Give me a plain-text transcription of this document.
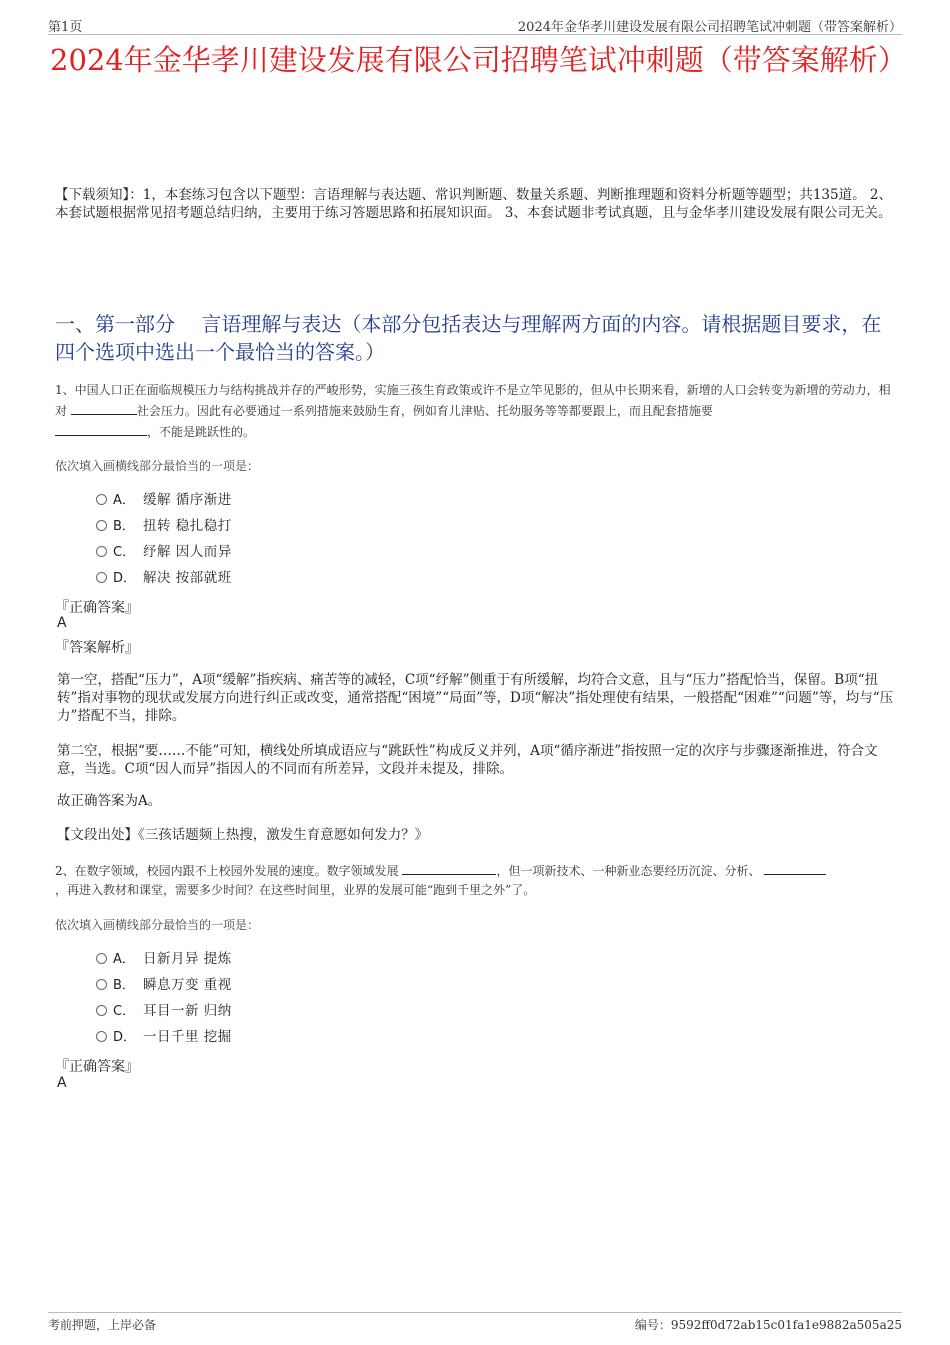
第1页	2024年金华孝川建设发展有限公司招聘笔试冲刺题（带答案解析）
2024年金华孝川建设发展有限公司招聘笔试冲刺题（带答案解析）
【下载须知】：1，本套练习包含以下题型：言语理解与表达题、常识判断题、数量关系题、判断推理题和资料分析题等题型；共135道。 2、本套试题根据常见招考题总结归纳，主要用于练习答题思路和拓展知识面。 3、本套试题非考试真题，且与金华孝川建设发展有限公司无关。
一、第一部分　 言语理解与表达（本部分包括表达与理解两方面的内容。请根据题目要求，在四个选项中选出一个最恰当的答案。）
1、中国人口正在面临规模压力与结构挑战并存的严峻形势，实施三孩生育政策或许不是立竿见影的，但从中长期来看，新增的人口会转变为新增的劳动力，相对	社会压力。因此有必要通过一系列措施来鼓励生育，例如育儿津贴、托幼服务等等都要跟上，而且配套措施要
，不能是跳跃性的。
依次填入画横线部分最恰当的一项是：
A． 缓解 循序渐进
B． 扭转 稳扎稳打
C． 纾解 因人而异
D． 解决 按部就班
『正确答案』
A
『答案解析』
第一空，搭配“压力”，A项“缓解”指疾病、痛苦等的减轻，C项“纾解”侧重于有所缓解，均符合文意，且与“压力”搭配恰当，保留。B项“扭转”指对事物的现状或发展方向进行纠正或改变，通常搭配“困境”“局面”等，D项“解决”指处理使有结果，一般搭配“困难”“问题”等，均与“压力”搭配不当，排除。
第二空，根据“要……不能”可知，横线处所填成语应与“跳跃性”构成反义并列，A项“循序渐进”指按照一定的次序与步骤逐渐推进，符合文意，当选。C项“因人而异”指因人的不同而有所差异，文段并未提及，排除。
故正确答案为A。
【文段出处】《三孩话题频上热搜，激发生育意愿如何发力？》
2、在数字领域，校园内跟不上校园外发展的速度。数字领域发展	，但一项新技术、一种新业态要经历沉淀、分析、
，再进入教材和课堂，需要多少时间？在这些时间里，业界的发展可能“跑到千里之外”了。
依次填入画横线部分最恰当的一项是：
A． 日新月异 提炼
B． 瞬息万变 重视
C． 耳目一新 归纳
D． 一日千里 挖掘
『正确答案』
A
考前押题，上岸必备	编号：9592ff0d72ab15c01fa1e9882a505a25
